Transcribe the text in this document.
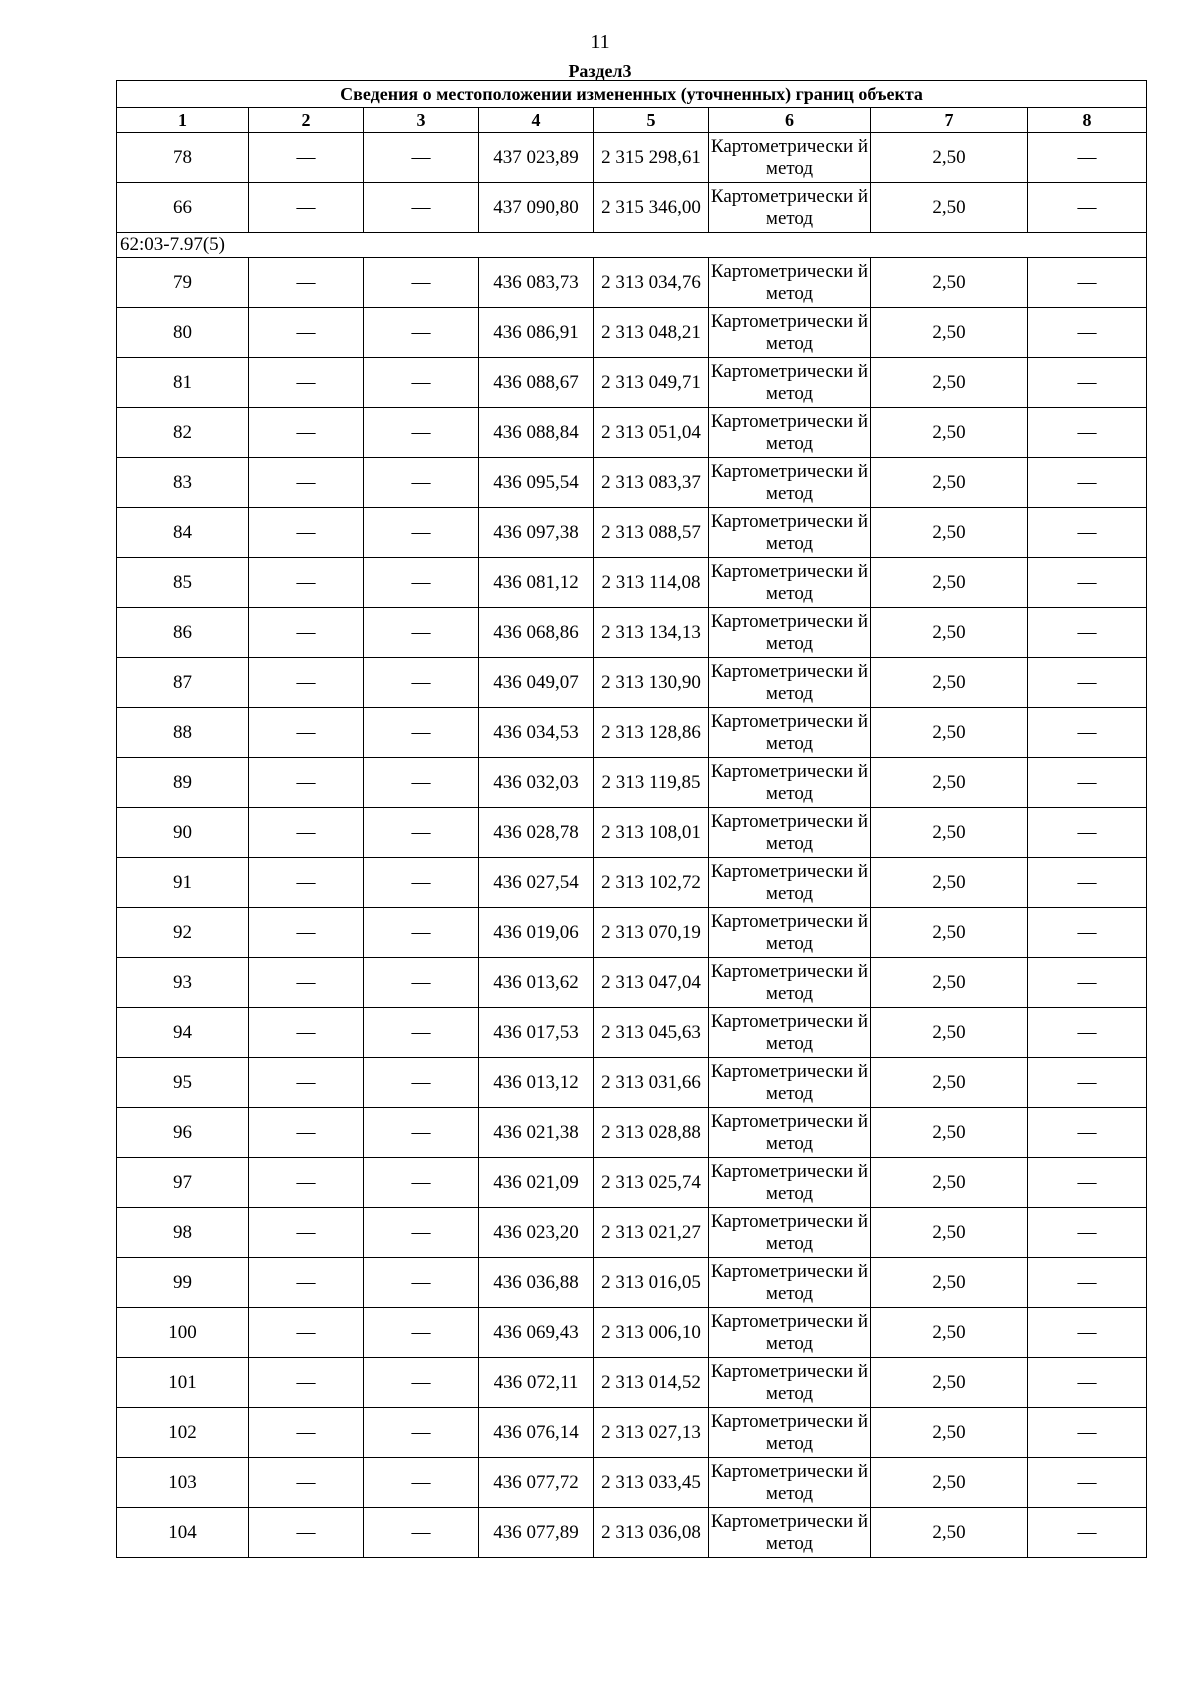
11
Раздел3
Сведения о местоположении измененных (уточненных) границ объекта							
1	2	3	4	5	6	7	8
78	—	—	437 023,89	2 315 298,61	Картометрически й метод	2,50	—
66	—	—	437 090,80	2 315 346,00	Картометрически й метод	2,50	—
62:03-7.97(5)							
79	—	—	436 083,73	2 313 034,76	Картометрически й метод	2,50	—
80	—	—	436 086,91	2 313 048,21	Картометрически й метод	2,50	—
81	—	—	436 088,67	2 313 049,71	Картометрически й метод	2,50	—
82	—	—	436 088,84	2 313 051,04	Картометрически й метод	2,50	—
83	—	—	436 095,54	2 313 083,37	Картометрически й метод	2,50	—
84	—	—	436 097,38	2 313 088,57	Картометрически й метод	2,50	—
85	—	—	436 081,12	2 313 114,08	Картометрически й метод	2,50	—
86	—	—	436 068,86	2 313 134,13	Картометрически й метод	2,50	—
87	—	—	436 049,07	2 313 130,90	Картометрически й метод	2,50	—
88	—	—	436 034,53	2 313 128,86	Картометрически й метод	2,50	—
89	—	—	436 032,03	2 313 119,85	Картометрически й метод	2,50	—
90	—	—	436 028,78	2 313 108,01	Картометрически й метод	2,50	—
91	—	—	436 027,54	2 313 102,72	Картометрически й метод	2,50	—
92	—	—	436 019,06	2 313 070,19	Картометрически й метод	2,50	—
93	—	—	436 013,62	2 313 047,04	Картометрически й метод	2,50	—
94	—	—	436 017,53	2 313 045,63	Картометрически й метод	2,50	—
95	—	—	436 013,12	2 313 031,66	Картометрически й метод	2,50	—
96	—	—	436 021,38	2 313 028,88	Картометрически й метод	2,50	—
97	—	—	436 021,09	2 313 025,74	Картометрически й метод	2,50	—
98	—	—	436 023,20	2 313 021,27	Картометрически й метод	2,50	—
99	—	—	436 036,88	2 313 016,05	Картометрически й метод	2,50	—
100	—	—	436 069,43	2 313 006,10	Картометрически й метод	2,50	—
101	—	—	436 072,11	2 313 014,52	Картометрически й метод	2,50	—
102	—	—	436 076,14	2 313 027,13	Картометрически й метод	2,50	—
103	—	—	436 077,72	2 313 033,45	Картометрически й метод	2,50	—
104	—	—	436 077,89	2 313 036,08	Картометрически й метод	2,50	—
